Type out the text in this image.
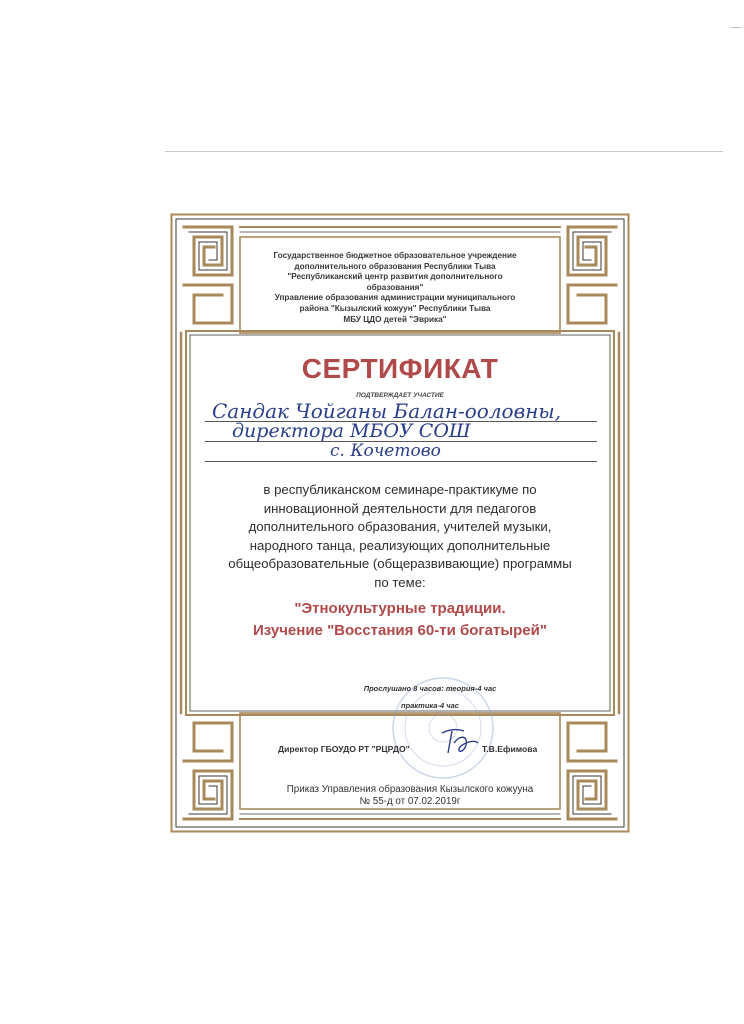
Государственное бюджетное образовательное учреждение
дополнительного образования Республики Тыва
"Республиканский центр развития дополнительного
образования"
Управление образования администрации муниципального
района "Кызылский кожуун" Республики Тыва
МБУ ЦДО детей "Эврика"
СЕРТИФИКАТ
ПОДТВЕРЖДАЕТ УЧАСТИЕ
Сандак Чойганы Балан-ооловны,
директора МБОУ СОШ
с. Кочетово
в республиканском семинаре-практикуме по
инновационной деятельности для педагогов
дополнительного образования, учителей музыки,
народного танца, реализующих дополнительные
общеобразовательные (общеразвивающие) программы
по теме:
"Этнокультурные традиции.
Изучение "Восстания 60-ти богатырей"
Прослушано 8 часов: теория-4 час
практика-4 час
Директор ГБОУДО РТ "РЦРДО"	Т.В.Ефимова
Приказ Управления образования Кызылского кожууна
№ 55-д от 07.02.2019г
